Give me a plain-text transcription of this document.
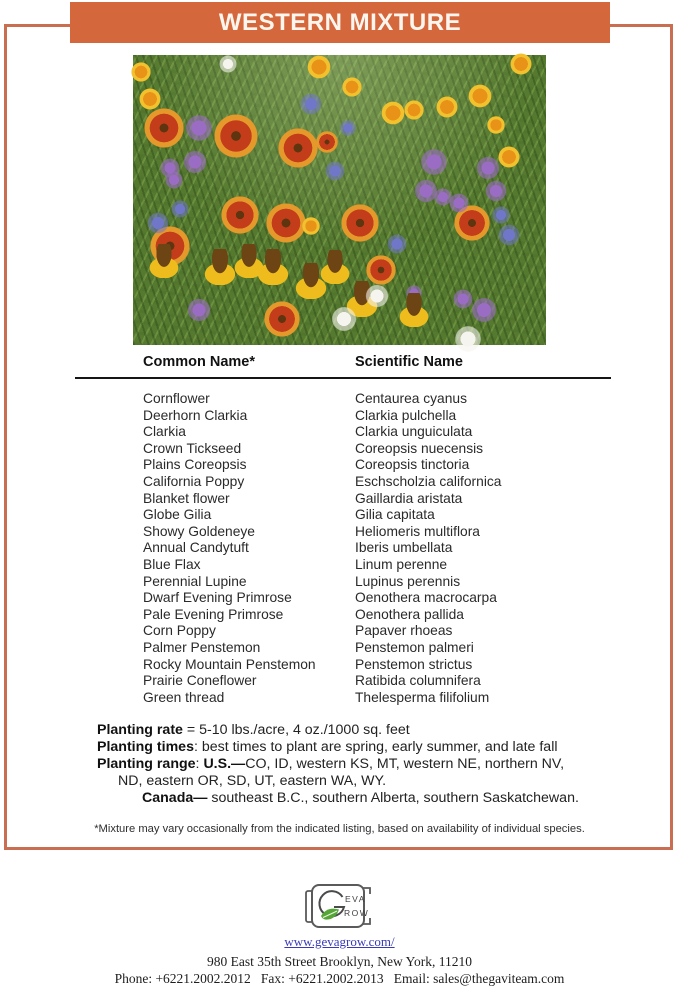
WESTERN MIXTURE
Common Name*	Scientific Name
Cornflower	Centaurea cyanus
Deerhorn Clarkia	Clarkia pulchella
Clarkia	Clarkia unguiculata
Crown Tickseed	Coreopsis nuecensis
Plains Coreopsis	Coreopsis tinctoria
California Poppy	Eschscholzia californica
Blanket flower	Gaillardia aristata
Globe Gilia	Gilia capitata
Showy Goldeneye	Heliomeris multiflora
Annual Candytuft	Iberis umbellata
Blue Flax	Linum perenne
Perennial Lupine	Lupinus perennis
Dwarf Evening Primrose	Oenothera macrocarpa
Pale Evening Primrose	Oenothera pallida
Corn Poppy	Papaver rhoeas
Palmer Penstemon	Penstemon palmeri
Rocky Mountain Penstemon	Penstemon strictus
Prairie Coneflower	Ratibida columnifera
Green thread	Thelesperma filifolium
Planting rate = 5-10 lbs./acre, 4 oz./1000 sq. feet
Planting times: best times to plant are spring, early summer, and late fall
Planting range: U.S.—CO, ID, western KS, MT, western NE, northern NV,
ND, eastern OR, SD, UT, eastern WA, WY.
Canada— southeast B.C., southern Alberta, southern Saskatchewan.
*Mixture may vary occasionally from the indicated listing, based on availability of individual species.
EVA
ROW
www.gevagrow.com/
980 East 35th Street Brooklyn, New York, 11210
Phone: +6221.2002.2012   Fax: +6221.2002.2013   Email: sales@thegaviteam.com
